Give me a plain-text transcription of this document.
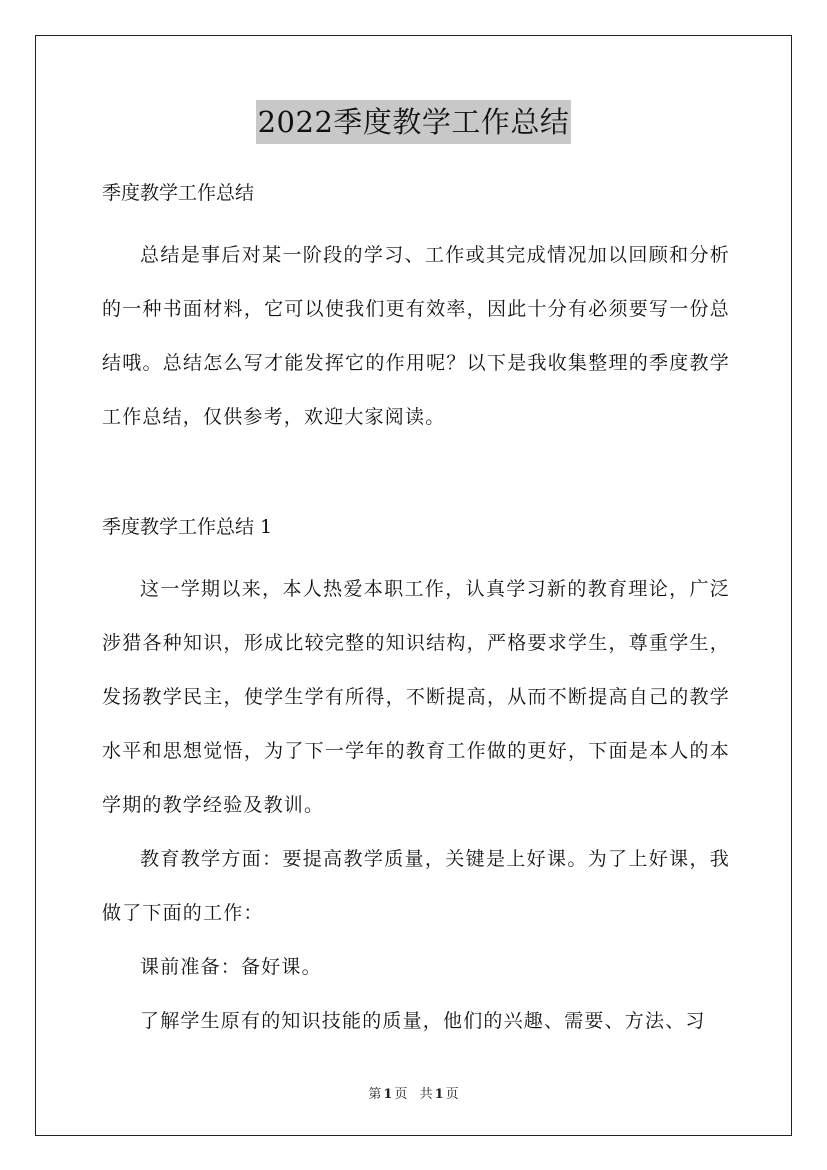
2022季度教学工作总结

季度教学工作总结

总结是事后对某一阶段的学习、工作或其完成情况加以回顾和分析的一种书面材料，它可以使我们更有效率，因此十分有必须要写一份总结哦。总结怎么写才能发挥它的作用呢？以下是我收集整理的季度教学工作总结，仅供参考，欢迎大家阅读。

季度教学工作总结 1

这一学期以来，本人热爱本职工作，认真学习新的教育理论，广泛涉猎各种知识，形成比较完整的知识结构，严格要求学生，尊重学生，发扬教学民主，使学生学有所得，不断提高，从而不断提高自己的教学水平和思想觉悟，为了下一学年的教育工作做的更好，下面是本人的本学期的教学经验及教训。

教育教学方面：要提高教学质量，关键是上好课。为了上好课，我做了下面的工作：

课前准备：备好课。

了解学生原有的知识技能的质量，他们的兴趣、需要、方法、习

第 1 页 共 1 页
